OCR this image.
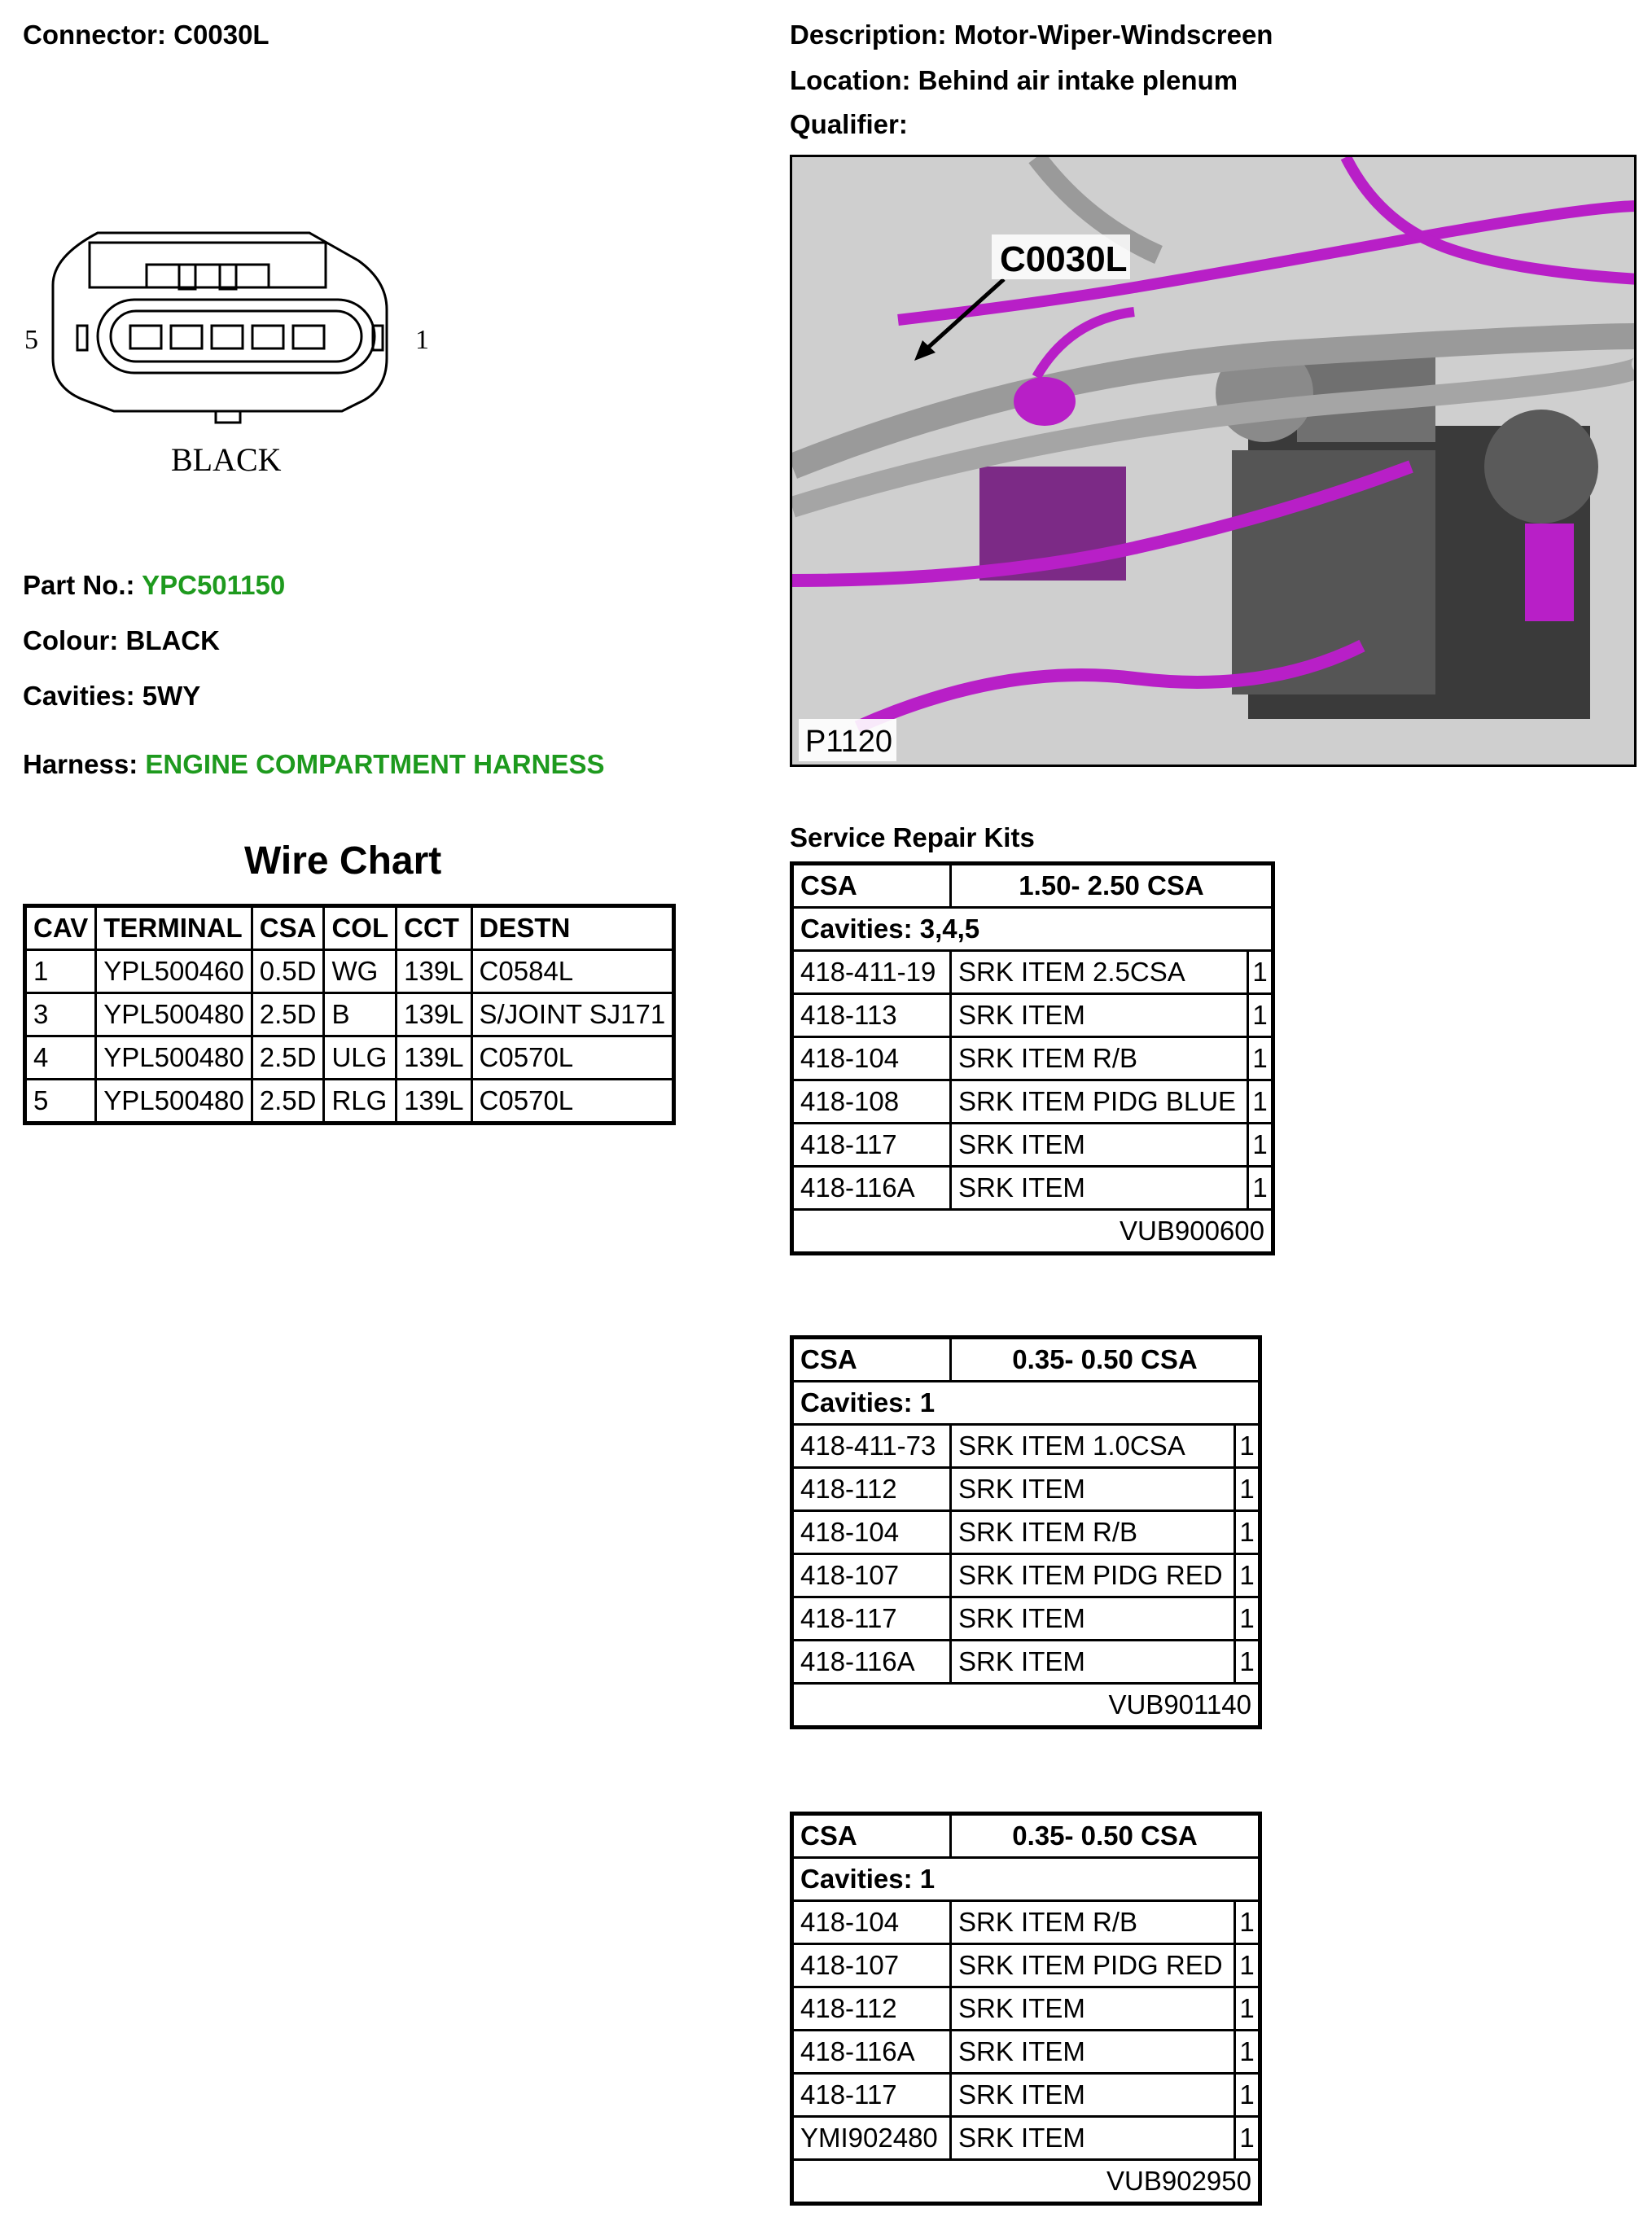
Connector: C0030L	Description: Motor-Wiper-Windscreen
Location: Behind air intake plenum
Qualifier:
5	1
BLACK
C0030L
P1120
Part No.: YPC501150
Colour: BLACK
Cavities: 5WY
Harness: ENGINE COMPARTMENT HARNESS
Wire Chart
CAV	TERMINAL	CSA	COL	CCT	DESTN
1	YPL500460	0.5D	WG	139L	C0584L
3	YPL500480	2.5D	B	139L	S/JOINT SJ171
4	YPL500480	2.5D	ULG	139L	C0570L
5	YPL500480	2.5D	RLG	139L	C0570L
Service Repair Kits
CSA	1.50- 2.50 CSA	
Cavities: 3,4,5		
418-411-19	SRK ITEM 2.5CSA	1
418-113	SRK ITEM	1
418-104	SRK ITEM R/B	1
418-108	SRK ITEM PIDG BLUE	1
418-117	SRK ITEM	1
418-116A	SRK ITEM	1
VUB900600		
CSA	0.35- 0.50 CSA	
Cavities: 1		
418-411-73	SRK ITEM 1.0CSA	1
418-112	SRK ITEM	1
418-104	SRK ITEM R/B	1
418-107	SRK ITEM PIDG RED	1
418-117	SRK ITEM	1
418-116A	SRK ITEM	1
VUB901140		
CSA	0.35- 0.50 CSA	
Cavities: 1		
418-104	SRK ITEM R/B	1
418-107	SRK ITEM PIDG RED	1
418-112	SRK ITEM	1
418-116A	SRK ITEM	1
418-117	SRK ITEM	1
YMI902480	SRK ITEM	1
VUB902950		
